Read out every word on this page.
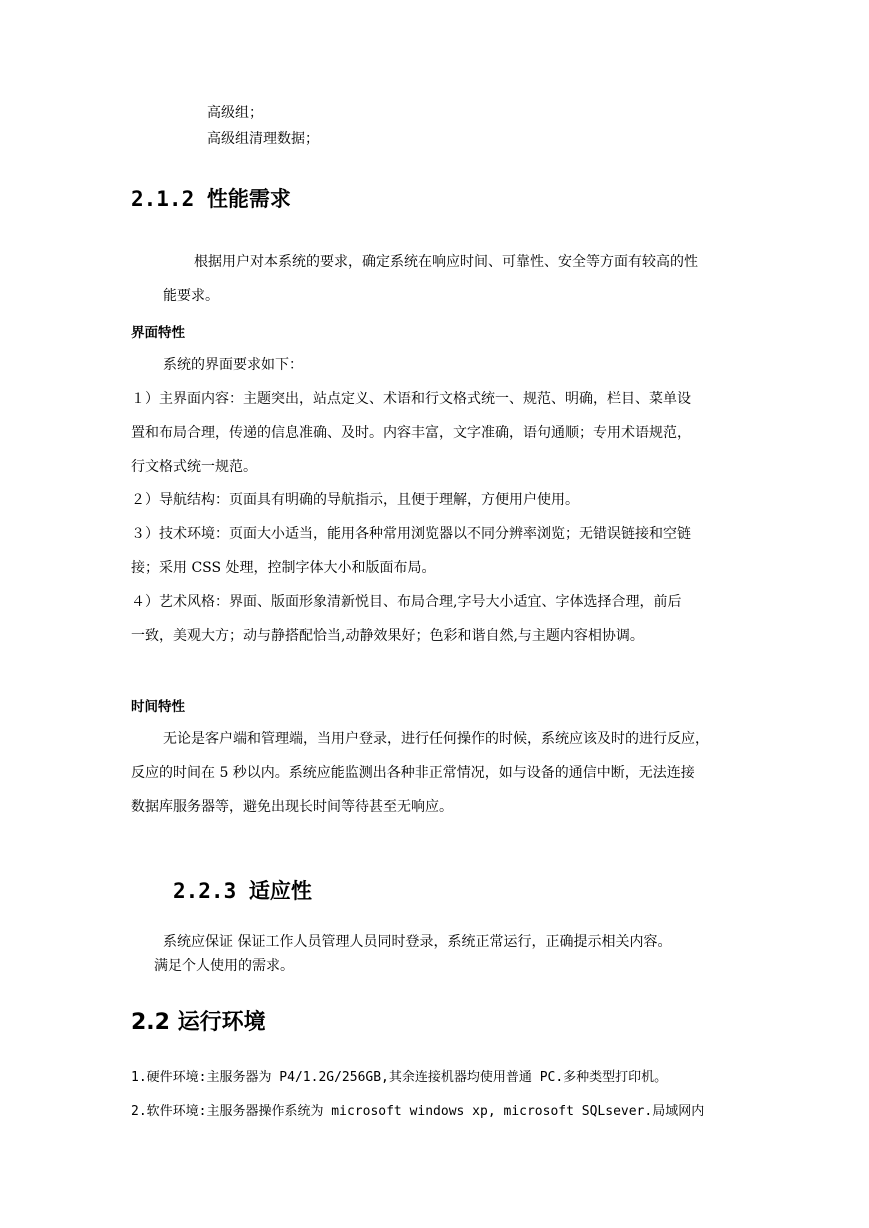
高级组；
高级组清理数据；
2.1.2 性能需求
根据用户对本系统的要求，确定系统在响应时间、可靠性、安全等方面有较高的性
能要求。
界面特性
系统的界面要求如下：
１）主界面内容：主题突出，站点定义、术语和行文格式统一、规范、明确，栏目、菜单设
置和布局合理，传递的信息准确、及时。内容丰富，文字准确，语句通顺；专用术语规范，
行文格式统一规范。
２）导航结构：页面具有明确的导航指示，且便于理解，方便用户使用。
３）技术环境：页面大小适当，能用各种常用浏览器以不同分辨率浏览；无错误链接和空链
接；采用 CSS 处理，控制字体大小和版面布局。
４）艺术风格：界面、版面形象清新悦目、布局合理,字号大小适宜、字体选择合理，前后
一致，美观大方；动与静搭配恰当,动静效果好；色彩和谐自然,与主题内容相协调。
时间特性
无论是客户端和管理端，当用户登录，进行任何操作的时候，系统应该及时的进行反应，
反应的时间在 5 秒以内。系统应能监测出各种非正常情况，如与设备的通信中断，无法连接
数据库服务器等，避免出现长时间等待甚至无响应。
2.2.3 适应性
系统应保证 保证工作人员管理人员同时登录，系统正常运行，正确提示相关内容。
满足个人使用的需求。
2.2 运行环境
1.硬件环境:主服务器为 P4/1.2G/256GB,其余连接机器均使用普通 PC.多种类型打印机。
2.软件环境:主服务器操作系统为 microsoft windows xp, microsoft SQLsever.局域网内
